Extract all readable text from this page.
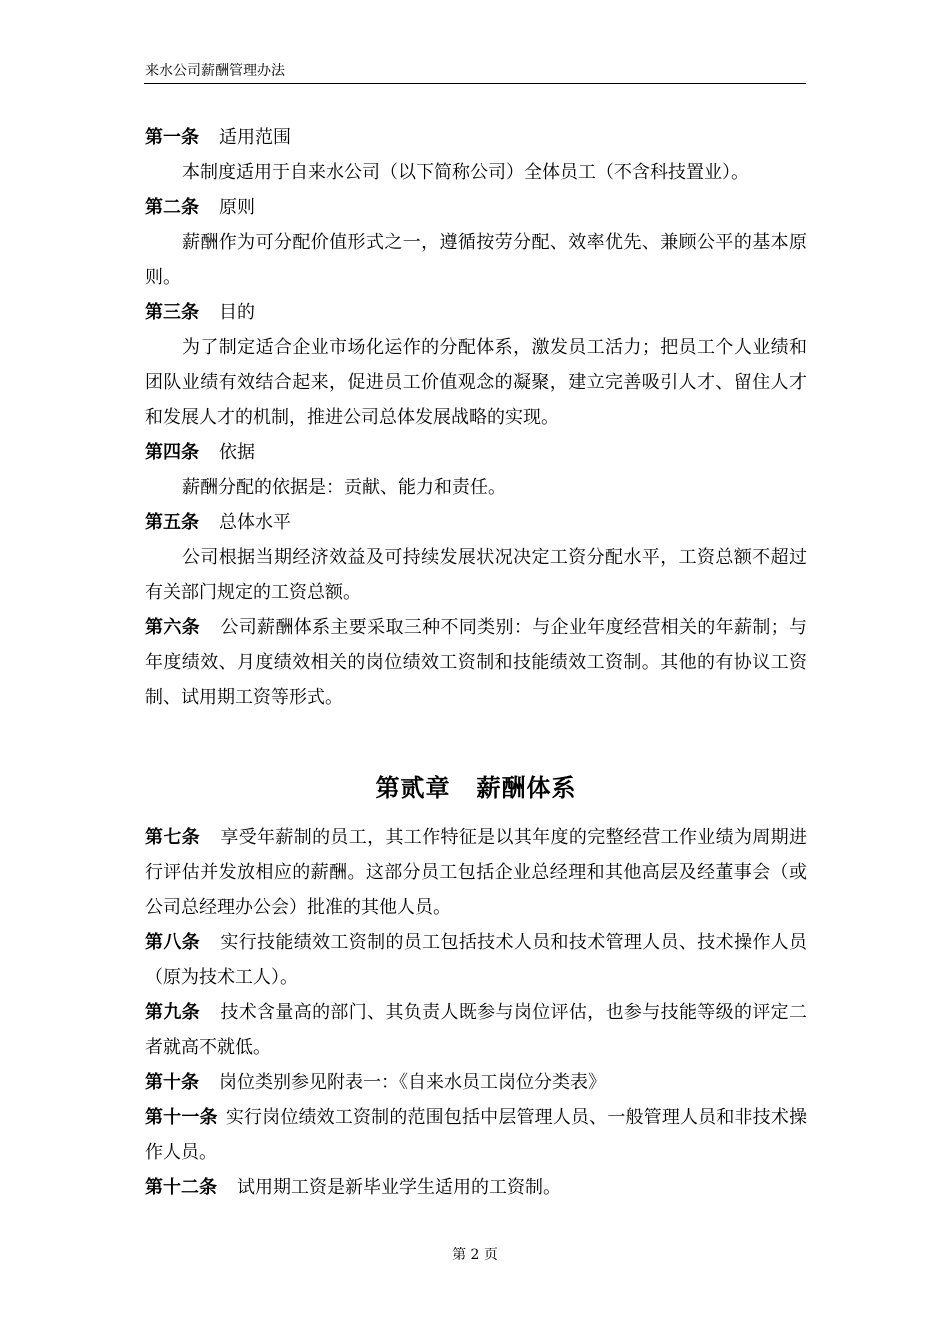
来水公司薪酬管理办法

第一条 适用范围

本制度适用于自来水公司（以下简称公司）全体员工（不含科技置业）。

第二条 原则

薪酬作为可分配价值形式之一，遵循按劳分配、效率优先、兼顾公平的基本原则。

第三条 目的

为了制定适合企业市场化运作的分配体系，激发员工活力；把员工个人业绩和团队业绩有效结合起来，促进员工价值观念的凝聚，建立完善吸引人才、留住人才和发展人才的机制，推进公司总体发展战略的实现。

第四条 依据

薪酬分配的依据是：贡献、能力和责任。

第五条 总体水平

公司根据当期经济效益及可持续发展状况决定工资分配水平，工资总额不超过有关部门规定的工资总额。

第六条 公司薪酬体系主要采取三种不同类别：与企业年度经营相关的年薪制；与年度绩效、月度绩效相关的岗位绩效工资制和技能绩效工资制。其他的有协议工资制、试用期工资等形式。

第贰章 薪酬体系

第七条 享受年薪制的员工，其工作特征是以其年度的完整经营工作业绩为周期进行评估并发放相应的薪酬。这部分员工包括企业总经理和其他高层及经董事会（或公司总经理办公会）批准的其他人员。

第八条 实行技能绩效工资制的员工包括技术人员和技术管理人员、技术操作人员（原为技术工人）。

第九条 技术含量高的部门、其负责人既参与岗位评估，也参与技能等级的评定二者就高不就低。

第十条 岗位类别参见附表一：《自来水员工岗位分类表》

第十一条 实行岗位绩效工资制的范围包括中层管理人员、一般管理人员和非技术操作人员。

第十二条 试用期工资是新毕业学生适用的工资制。

第 2 页
